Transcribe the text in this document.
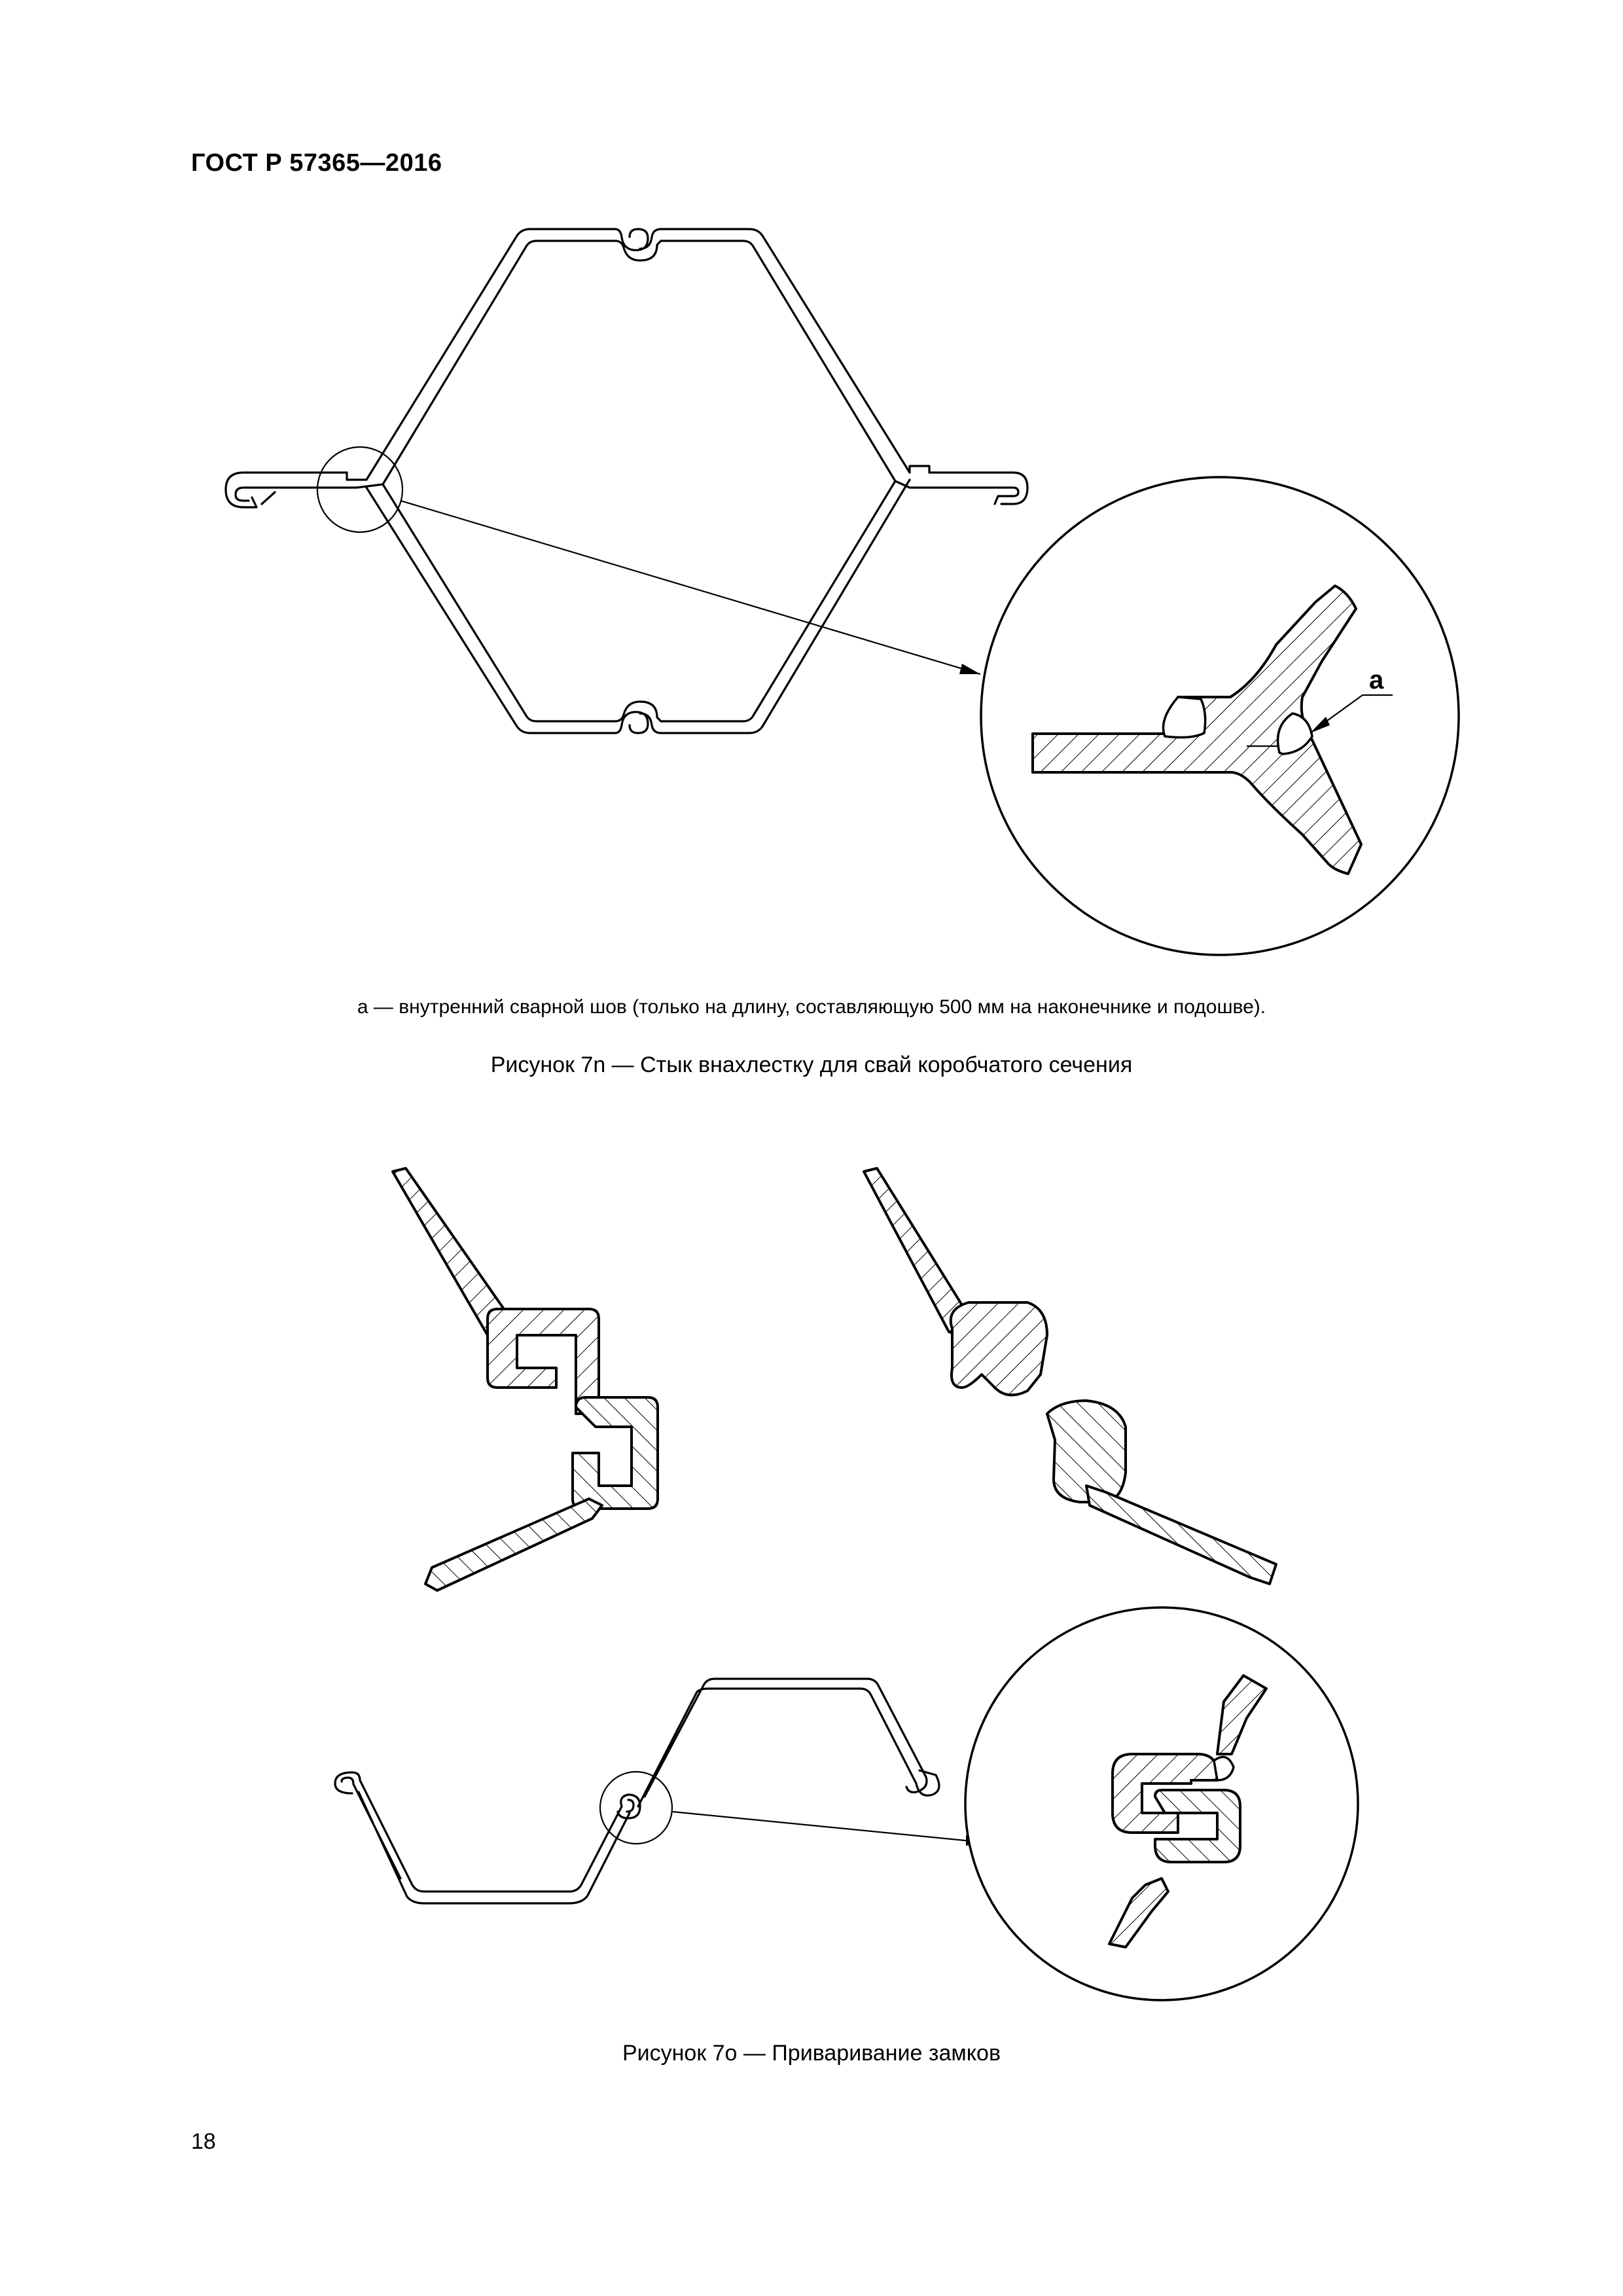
ГОСТ Р 57365—2016
a
а — внутренний сварной шов (только на длину, составляющую 500 мм на наконечнике и подошве).
Рисунок 7n — Стык внахлестку для свай коробчатого сечения
Рисунок 7о — Приваривание замков
18
